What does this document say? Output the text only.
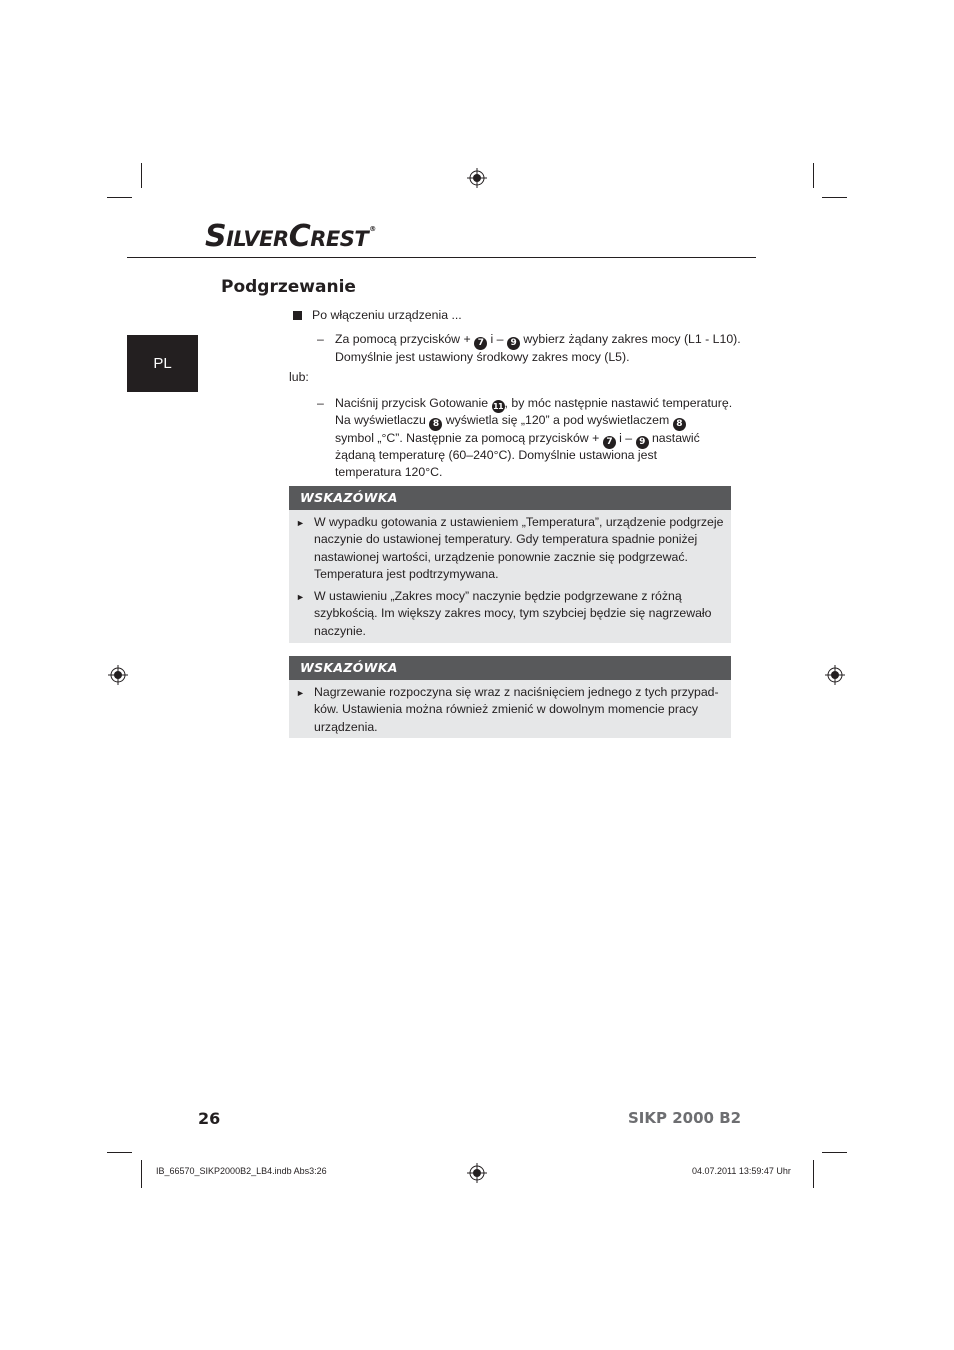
SILVERCREST®
Podgrzewanie
PL
Po włączeniu urządzenia ...
– Za pomocą przycisków + 7 i – 9 wybierz żądany zakres mocy (L1 - L10).
Domyślnie jest ustawiony środkowy zakres mocy (L5).
lub:
– Naciśnij przycisk Gotowanie 11, by móc następnie nastawić temperaturę.
Na wyświetlaczu 8 wyświetla się „120” a pod wyświetlaczem 8
symbol „°C”. Następnie za pomocą przycisków + 7 i – 9 nastawić
żądaną temperaturę (60–240°C). Domyślnie ustawiona jest
temperatura 120°C.
WSKAZÓWKA
► W wypadku gotowania z ustawieniem „Temperatura”, urządzenie podgrzeje
naczynie do ustawionej temperatury. Gdy temperatura spadnie poniżej
nastawionej wartości, urządzenie ponownie zacznie się podgrzewać.
Temperatura jest podtrzymywana.
► W ustawieniu „Zakres mocy” naczynie będzie podgrzewane z różną
szybkością. Im większy zakres mocy, tym szybciej będzie się nagrzewało
naczynie.
WSKAZÓWKA
► Nagrzewanie rozpoczyna się wraz z naciśnięciem jednego z tych przypad-
ków. Ustawienia można również zmienić w dowolnym momencie pracy
urządzenia.
26	SIKP 2000 B2
IB_66570_SIKP2000B2_LB4.indb Abs3:26	04.07.2011 13:59:47 Uhr
